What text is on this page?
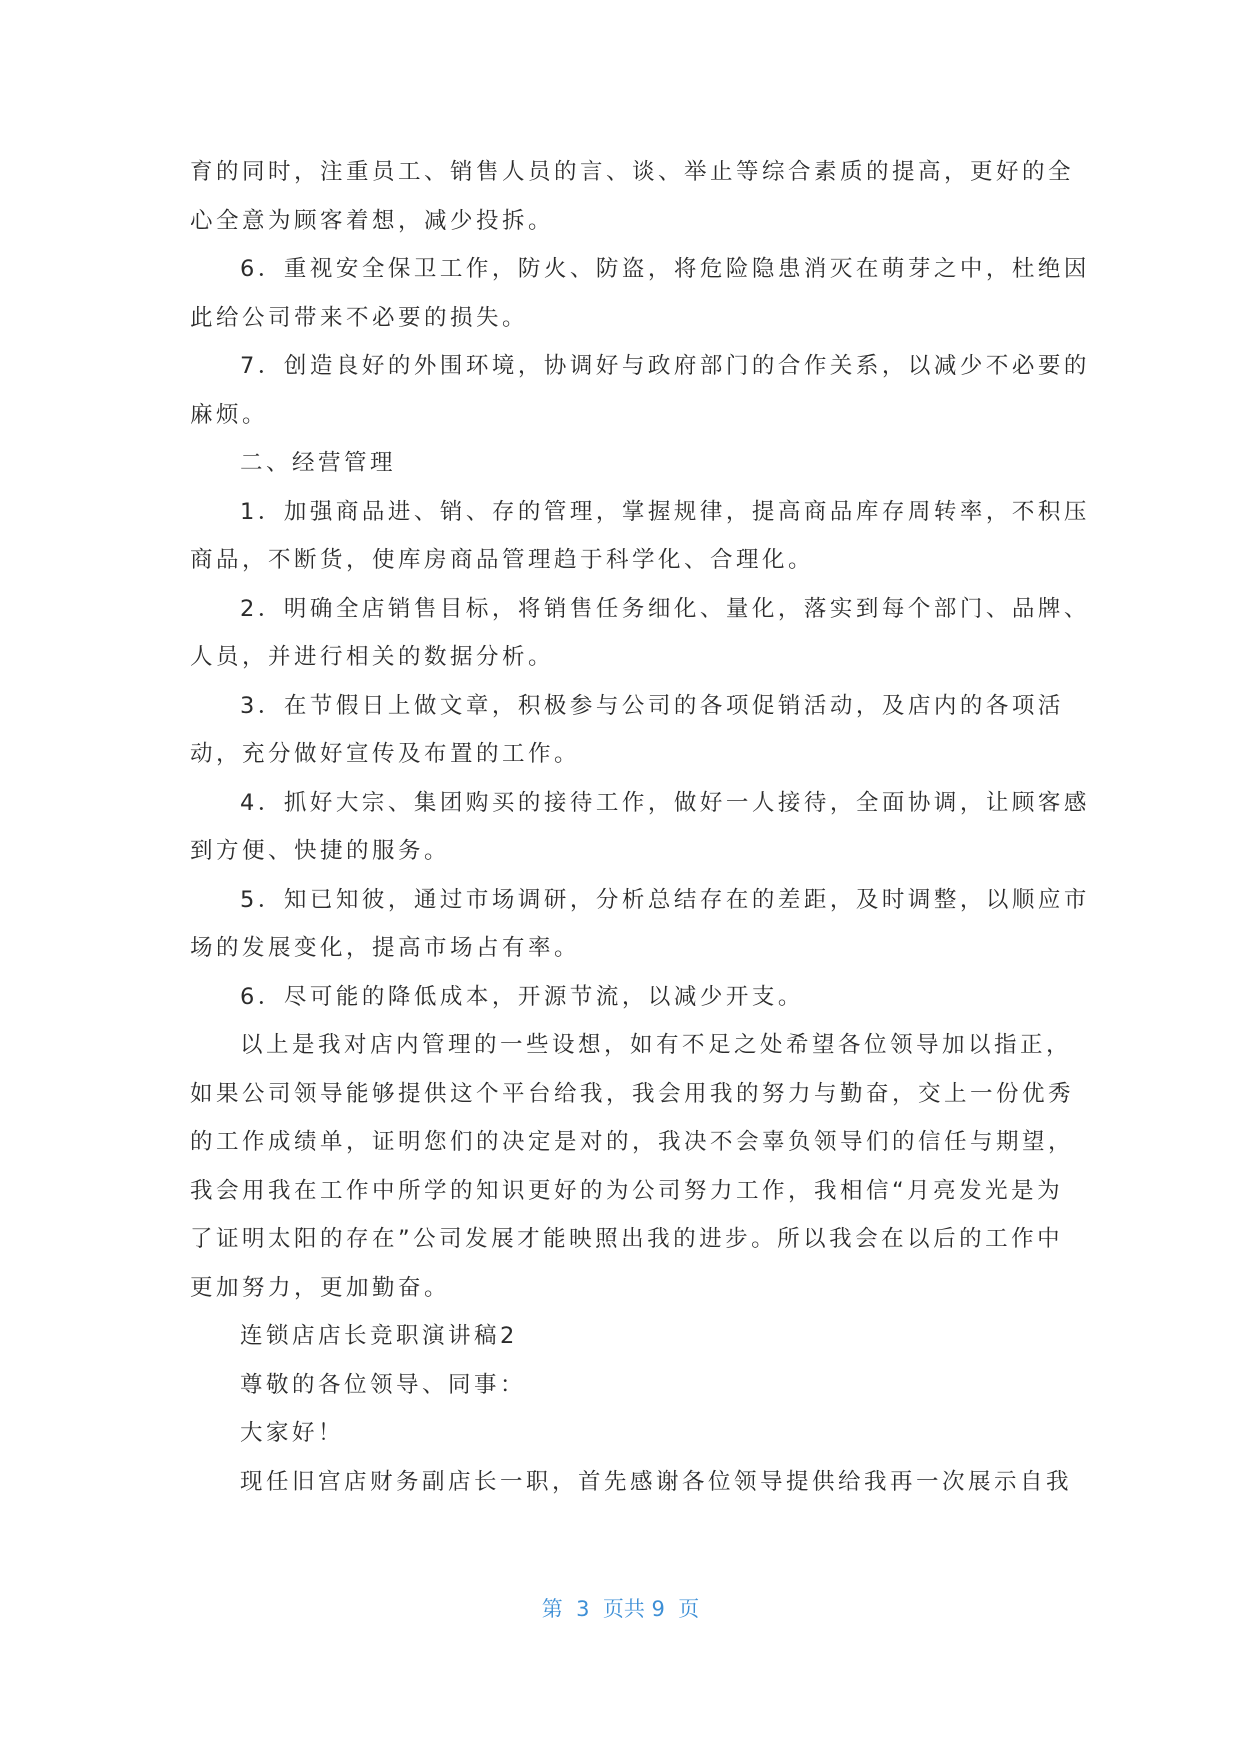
育的同时，注重员工、销售人员的言、谈、举止等综合素质的提高，更好的全

心全意为顾客着想，减少投拆。

6．重视安全保卫工作，防火、防盗，将危险隐患消灭在萌芽之中，杜绝因

此给公司带来不必要的损失。

7．创造良好的外围环境，协调好与政府部门的合作关系，以减少不必要的

麻烦。

二、经营管理

1．加强商品进、销、存的管理，掌握规律，提高商品库存周转率，不积压

商品，不断货，使库房商品管理趋于科学化、合理化。

2．明确全店销售目标，将销售任务细化、量化，落实到每个部门、品牌、

人员，并进行相关的数据分析。

3．在节假日上做文章，积极参与公司的各项促销活动，及店内的各项活

动，充分做好宣传及布置的工作。

4．抓好大宗、集团购买的接待工作，做好一人接待，全面协调，让顾客感

到方便、快捷的服务。

5．知已知彼，通过市场调研，分析总结存在的差距，及时调整，以顺应市

场的发展变化，提高市场占有率。

6．尽可能的降低成本，开源节流，以减少开支。

以上是我对店内管理的一些设想，如有不足之处希望各位领导加以指正，

如果公司领导能够提供这个平台给我，我会用我的努力与勤奋，交上一份优秀

的工作成绩单，证明您们的决定是对的，我决不会辜负领导们的信任与期望，

我会用我在工作中所学的知识更好的为公司努力工作，我相信“月亮发光是为

了证明太阳的存在”公司发展才能映照出我的进步。所以我会在以后的工作中

更加努力，更加勤奋。

连锁店店长竞职演讲稿2

尊敬的各位领导、同事：

大家好！

现任旧宫店财务副店长一职，首先感谢各位领导提供给我再一次展示自我

第  3  页共 9  页
